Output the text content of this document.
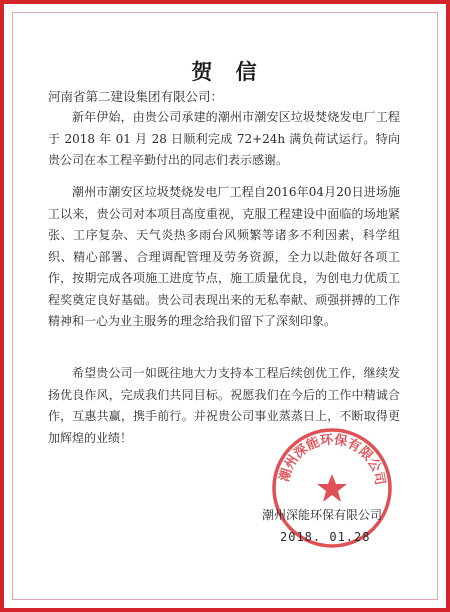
贺 信
河南省第二建设集团有限公司：

新年伊始，由贵公司承建的潮州市潮安区垃圾焚烧发电厂工程于 2018 年 01 月 28 日顺利完成 72+24h 满负荷试运行。特向贵公司在本工程辛勤付出的同志们表示感谢。

潮州市潮安区垃圾焚烧发电厂工程自2016年04月20日进场施工以来，贵公司对本项目高度重视，克服工程建设中面临的场地紧张、工序复杂、天气炎热多雨台风频繁等诸多不利因素，科学组织、精心部署、合理调配管理及劳务资源，全力以赴做好各项工作，按期完成各项施工进度节点，施工质量优良，为创电力优质工程奖奠定良好基础。贵公司表现出来的无私奉献、顽强拼搏的工作精神和一心为业主服务的理念给我们留下了深刻印象。

希望贵公司一如既往地大力支持本工程后续创优工作，继续发扬优良作风，完成我们共同目标。祝愿我们在今后的工作中精诚合作，互惠共赢，携手前行。并祝贵公司事业蒸蒸日上，不断取得更加辉煌的业绩！

潮州深能环保有限公司
潮州深能环保有限公司
2018. 01.28
